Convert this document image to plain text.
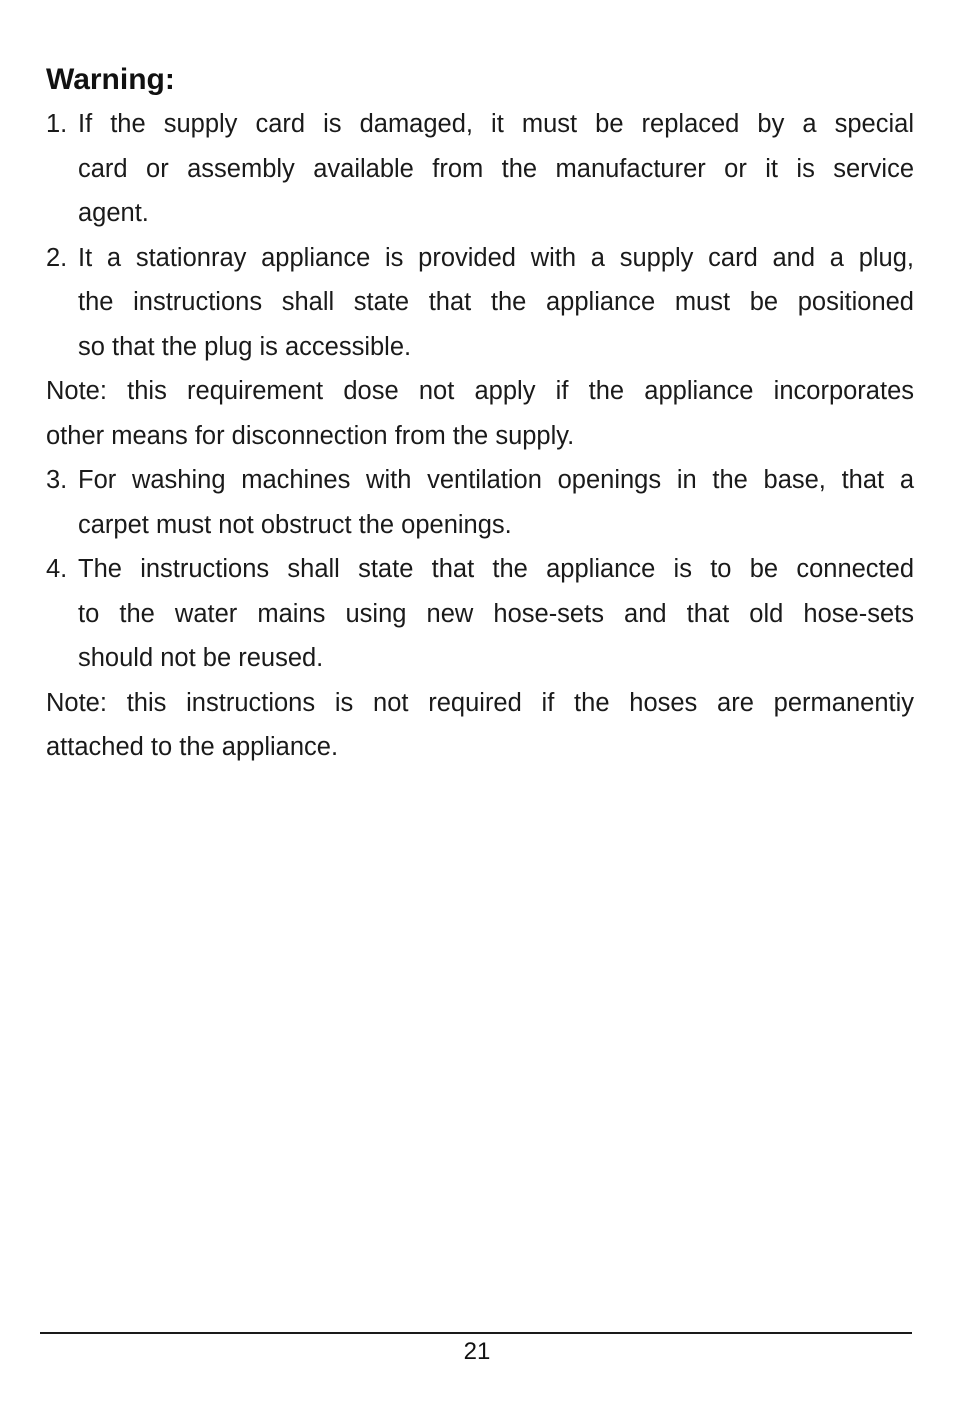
Warning:
1. If the supply card is damaged, it must be replaced by a special
card or assembly available from the manufacturer or it is service
agent.
2. It a stationray appliance is provided with a supply card and a plug,
the instructions shall state that the appliance must be positioned
so that the plug is accessible.
Note: this requirement dose not apply if the appliance incorporates
other means for disconnection from the supply.
3. For washing machines with ventilation openings in the base, that a
carpet must not obstruct the openings.
4. The instructions shall state that the appliance is to be connected
to the water mains using new hose-sets and that old hose-sets
should not be reused.
Note: this instructions is not required if the hoses are permanentiy
attached to the appliance.
21
